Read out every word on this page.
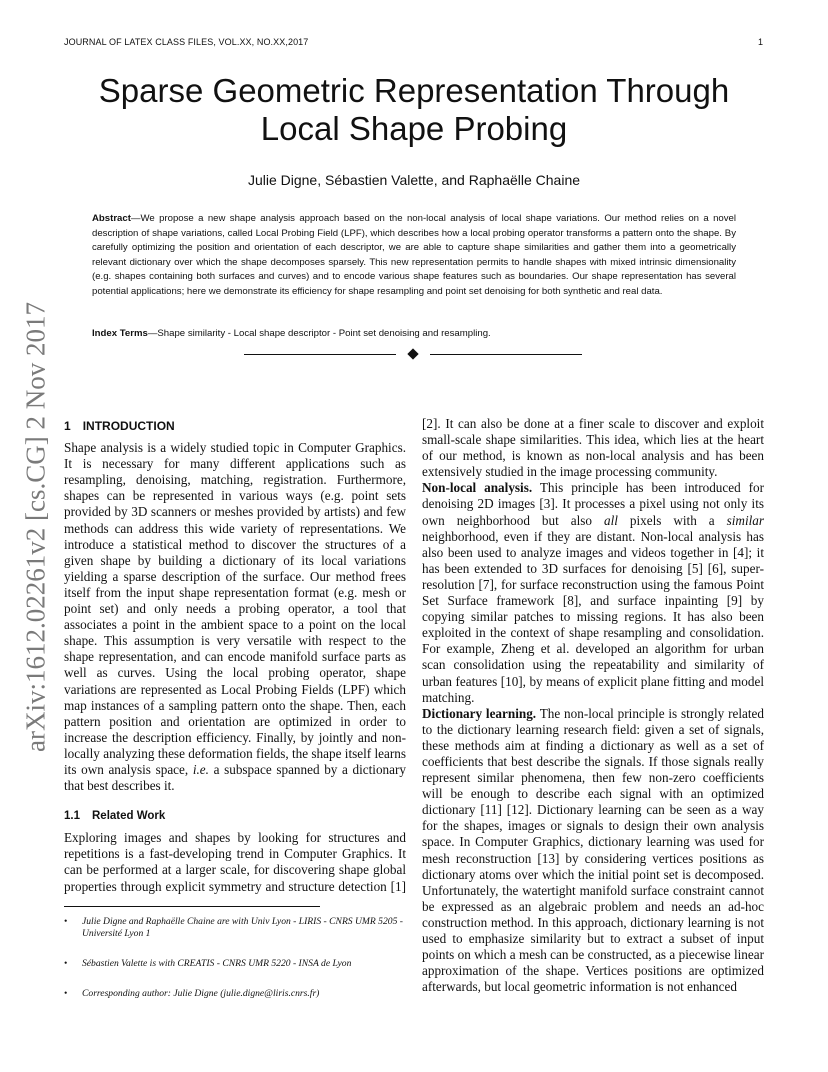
JOURNAL OF LATEX CLASS FILES, VOL.XX, NO.XX,2017	1
arXiv:1612.02261v2 [cs.CG] 2 Nov 2017
Sparse Geometric Representation Through Local Shape Probing
Julie Digne, Sébastien Valette, and Raphaëlle Chaine
Abstract—We propose a new shape analysis approach based on the non-local analysis of local shape variations. Our method relies on a novel description of shape variations, called Local Probing Field (LPF), which describes how a local probing operator transforms a pattern onto the shape. By carefully optimizing the position and orientation of each descriptor, we are able to capture shape similarities and gather them into a geometrically relevant dictionary over which the shape decomposes sparsely. This new representation permits to handle shapes with mixed intrinsic dimensionality (e.g. shapes containing both surfaces and curves) and to encode various shape features such as boundaries. Our shape representation has several potential applications; here we demonstrate its efficiency for shape resampling and point set denoising for both synthetic and real data.
Index Terms—Shape similarity - Local shape descriptor - Point set denoising and resampling.
1 INTRODUCTION

Shape analysis is a widely studied topic in Computer Graphics. It is necessary for many different applications such as resampling, denoising, matching, registration. Furthermore, shapes can be represented in various ways (e.g. point sets provided by 3D scanners or meshes provided by artists) and few methods can address this wide variety of representations. We introduce a statistical method to discover the structures of a given shape by building a dictionary of its local variations yielding a sparse description of the surface. Our method frees itself from the input shape representation format (e.g. mesh or point set) and only needs a probing operator, a tool that associates a point in the ambient space to a point on the local shape. This assumption is very versatile with respect to the shape representation, and can encode manifold surface parts as well as curves. Using the local probing operator, shape variations are represented as Local Probing Fields (LPF) which map instances of a sampling pattern onto the shape. Then, each pattern position and orientation are optimized in order to increase the description efficiency. Finally, by jointly and non-locally analyzing these deformation fields, the shape itself learns its own analysis space, i.e. a subspace spanned by a dictionary that best describes it.

1.1 Related Work

Exploring images and shapes by looking for structures and repetitions is a fast-developing trend in Computer Graphics. It can be performed at a larger scale, for discovering shape global properties through explicit symmetry and structure detection [1]

• Julie Digne and Raphaëlle Chaine are with Univ Lyon - LIRIS - CNRS UMR 5205 - Université Lyon 1

• Sébastien Valette is with CREATIS - CNRS UMR 5220 - INSA de Lyon

• Corresponding author: Julie Digne (julie.digne@liris.cnrs.fr)

[2]. It can also be done at a finer scale to discover and exploit small-scale shape similarities. This idea, which lies at the heart of our method, is known as non-local analysis and has been extensively studied in the image processing community.

Non-local analysis. This principle has been introduced for denoising 2D images [3]. It processes a pixel using not only its own neighborhood but also all pixels with a similar neighborhood, even if they are distant. Non-local analysis has also been used to analyze images and videos together in [4]; it has been extended to 3D surfaces for denoising [5] [6], super-resolution [7], for surface reconstruction using the famous Point Set Surface framework [8], and surface inpainting [9] by copying similar patches to missing regions. It has also been exploited in the context of shape resampling and consolidation. For example, Zheng et al. developed an algorithm for urban scan consolidation using the repeatability and similarity of urban features [10], by means of explicit plane fitting and model matching.

Dictionary learning. The non-local principle is strongly related to the dictionary learning research field: given a set of signals, these methods aim at finding a dictionary as well as a set of coefficients that best describe the signals. If those signals really represent similar phenomena, then few non-zero coefficients will be enough to describe each signal with an optimized dictionary [11] [12]. Dictionary learning can be seen as a way for the shapes, images or signals to design their own analysis space. In Computer Graphics, dictionary learning was used for mesh reconstruction [13] by considering vertices positions as dictionary atoms over which the initial point set is decomposed. Unfortunately, the watertight manifold surface constraint cannot be expressed as an algebraic problem and needs an ad-hoc construction method. In this approach, dictionary learning is not used to emphasize similarity but to extract a subset of input points on which a mesh can be constructed, as a piecewise linear approximation of the shape. Vertices positions are optimized afterwards, but local geometric information is not enhanced
